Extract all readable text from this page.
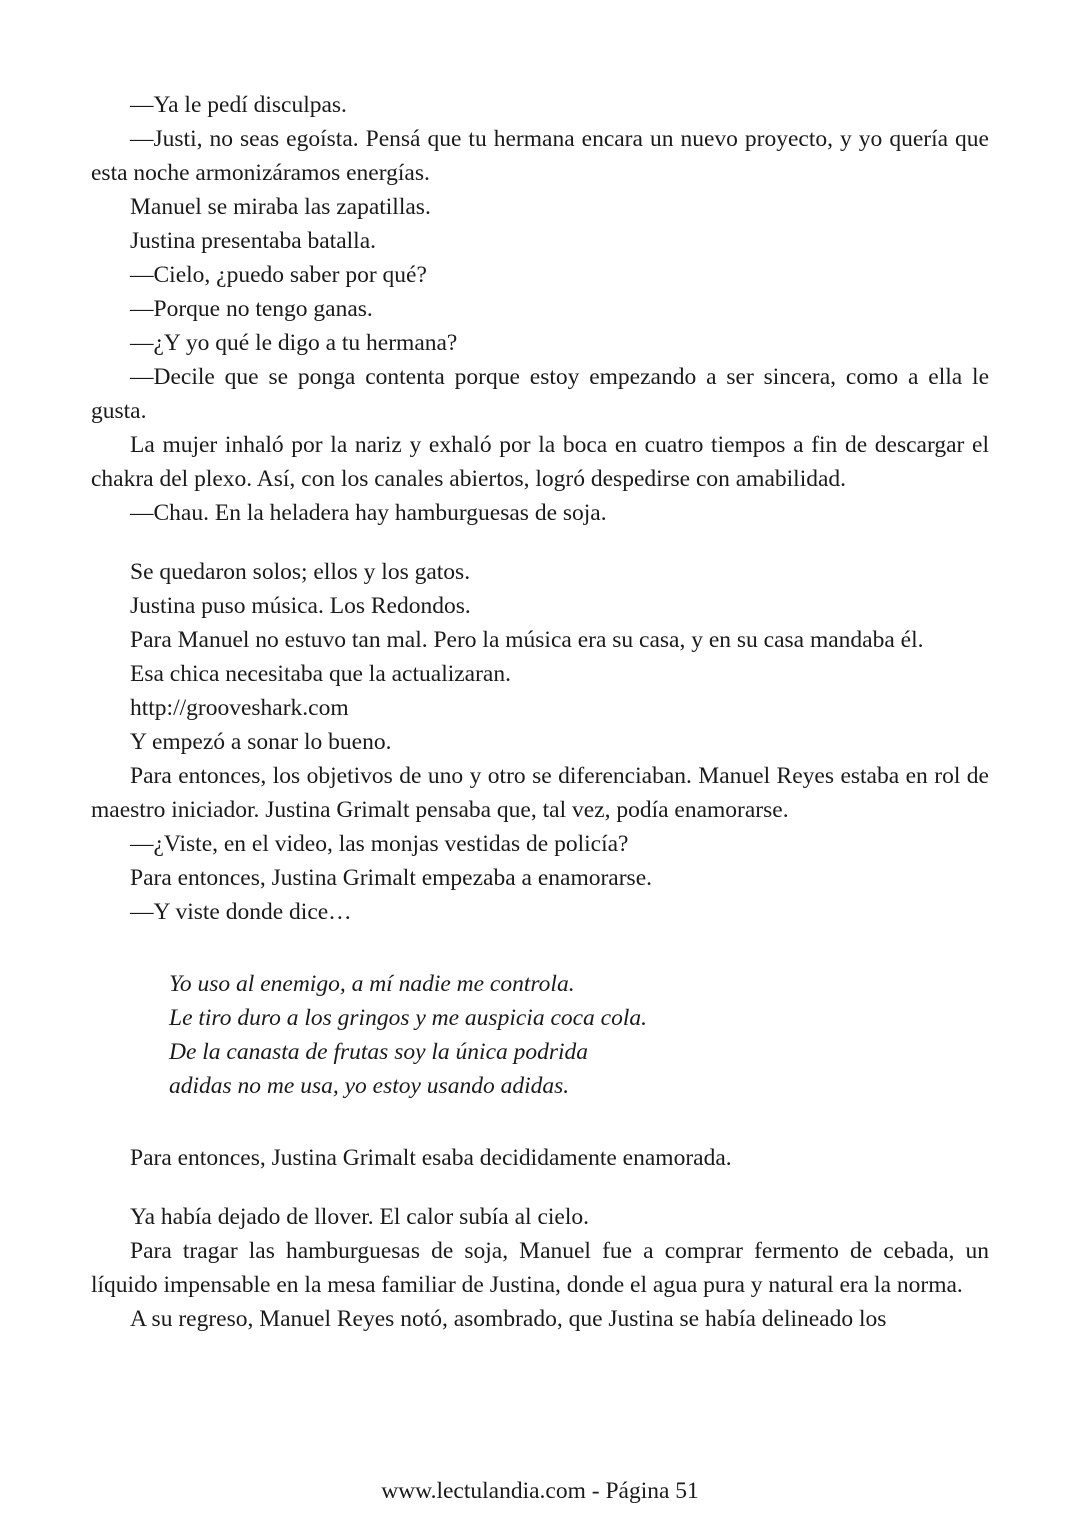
—Ya le pedí disculpas.

—Justi, no seas egoísta. Pensá que tu hermana encara un nuevo proyecto, y yo quería que esta noche armonizáramos energías.

Manuel se miraba las zapatillas.

Justina presentaba batalla.

—Cielo, ¿puedo saber por qué?

—Porque no tengo ganas.

—¿Y yo qué le digo a tu hermana?

—Decile que se ponga contenta porque estoy empezando a ser sincera, como a ella le gusta.

La mujer inhaló por la nariz y exhaló por la boca en cuatro tiempos a fin de descargar el chakra del plexo. Así, con los canales abiertos, logró despedirse con amabilidad.

—Chau. En la heladera hay hamburguesas de soja.

Se quedaron solos; ellos y los gatos.

Justina puso música. Los Redondos.

Para Manuel no estuvo tan mal. Pero la música era su casa, y en su casa mandaba él.

Esa chica necesitaba que la actualizaran.

http://grooveshark.com

Y empezó a sonar lo bueno.

Para entonces, los objetivos de uno y otro se diferenciaban. Manuel Reyes estaba en rol de maestro iniciador. Justina Grimalt pensaba que, tal vez, podía enamorarse.

—¿Viste, en el video, las monjas vestidas de policía?

Para entonces, Justina Grimalt empezaba a enamorarse.

—Y viste donde dice…

Yo uso al enemigo, a mí nadie me controla.
Le tiro duro a los gringos y me auspicia coca cola.
De la canasta de frutas soy la única podrida
adidas no me usa, yo estoy usando adidas.

Para entonces, Justina Grimalt esaba decididamente enamorada.

Ya había dejado de llover. El calor subía al cielo.

Para tragar las hamburguesas de soja, Manuel fue a comprar fermento de cebada, un líquido impensable en la mesa familiar de Justina, donde el agua pura y natural era la norma.

A su regreso, Manuel Reyes notó, asombrado, que Justina se había delineado los

www.lectulandia.com - Página 51
